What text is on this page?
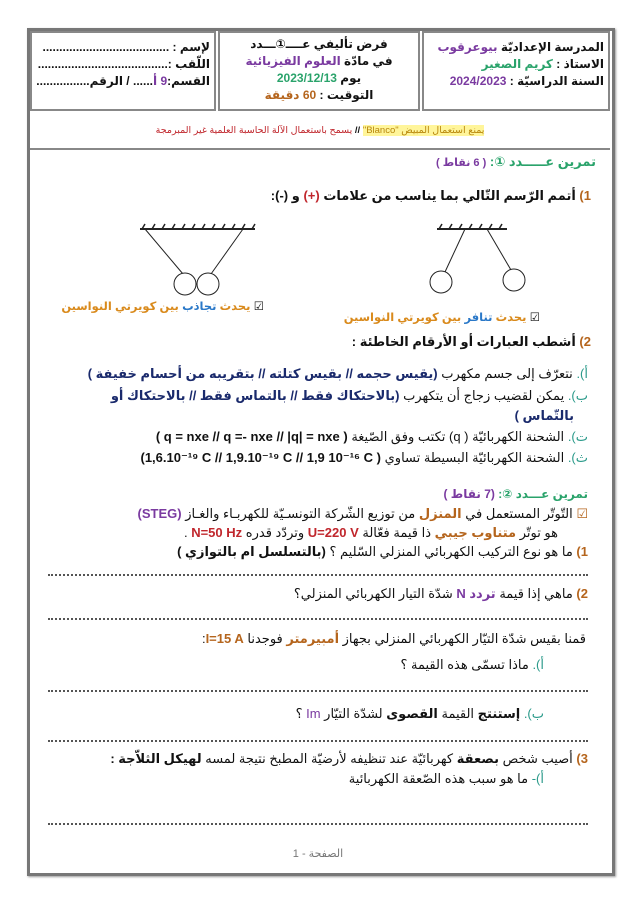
لإسم : ......................................
اللّقب :.......................................
القسم:9 أ...... / الرقم................
فرض تأليفي عــــ①ـــدد
في مادّة العلوم الفيزيائية
يوم 2023/12/13
التوقيت : 60 دقيقة
المدرسة الإعداديّة بيوعرقوب
الاستاذ : كريم الصغير
السنة الدراسيّة : 2024/2023
يمنع استعمال المبيض "Blanco" // يسمح باستعمال الآلة الحاسبة العلمية غير المبرمجة
تمرين عـــــدد ①: ( 6 نقاط )
1) أتمم الرّسم التّالي بما يناسب من علامات (+) و (-):
☑ يحدث تجاذب بين كويرتي النواسين
☑ يحدث تنافر بين كويرتي النواسين
2) أشطب العبارات أو الأرقام الخاطئة :
أ). نتعرّف إلى جسم مكهرب (يقيس حجمه // بقيس كتلته // بتقريبه من أحسام خفيفة )
ب). يمكن لقضيب زجاج أن يتكهرب (بالاحتكاك فقط // بالتماس فقط // بالاحتكاك أو
بالتّماس )
ت). الشحنة الكهربائيّة ( q) تكتب وفق الصّيغة ( q = nxe // q =- nxe // |q| = nxe )
ث). الشحنة الكهربائيّة البسيطة تساوي (1,6.10⁻¹⁹ C // 1,9.10⁻¹⁹ C // 1,9 10⁻¹⁶ C )
تمرين عـــدد ②: (7 نقاط )
☑ التّوتّر المستعمل في المنزل من توزيع الشّركة التونسـيّة للكهربـاء والغـاز (STEG)
هو توتّر متناوب جيبي ذا قيمة فعّالة U=220 V وتردّد قدره N=50 Hz .
1) ما هو نوع التركيب الكهربائي المنزلي السّليم ؟ (بالتسلسل ام بالتوازي )
2) ماهي إذا قيمة تردد N شدّة التيار الكهربائي المنزلي؟
قمنا بقيس شدّة التيّار الكهربائي المنزلي بجهاز أمبيرمتر فوجدنا I=15 A:
أ). ماذا تسمّى هذه القيمة ؟
ب). إستنتج القيمة القصوى لشدّة التيّار Im ؟
3) أصيب شخص بصعقة كهربائيّة عند تنظيفه لأرضيّة المطبخ نتيجة لمسه لهيكل الثلاّجة :
أ)- ما هو سبب هذه الصّعقة الكهربائية
الصفحة - 1
